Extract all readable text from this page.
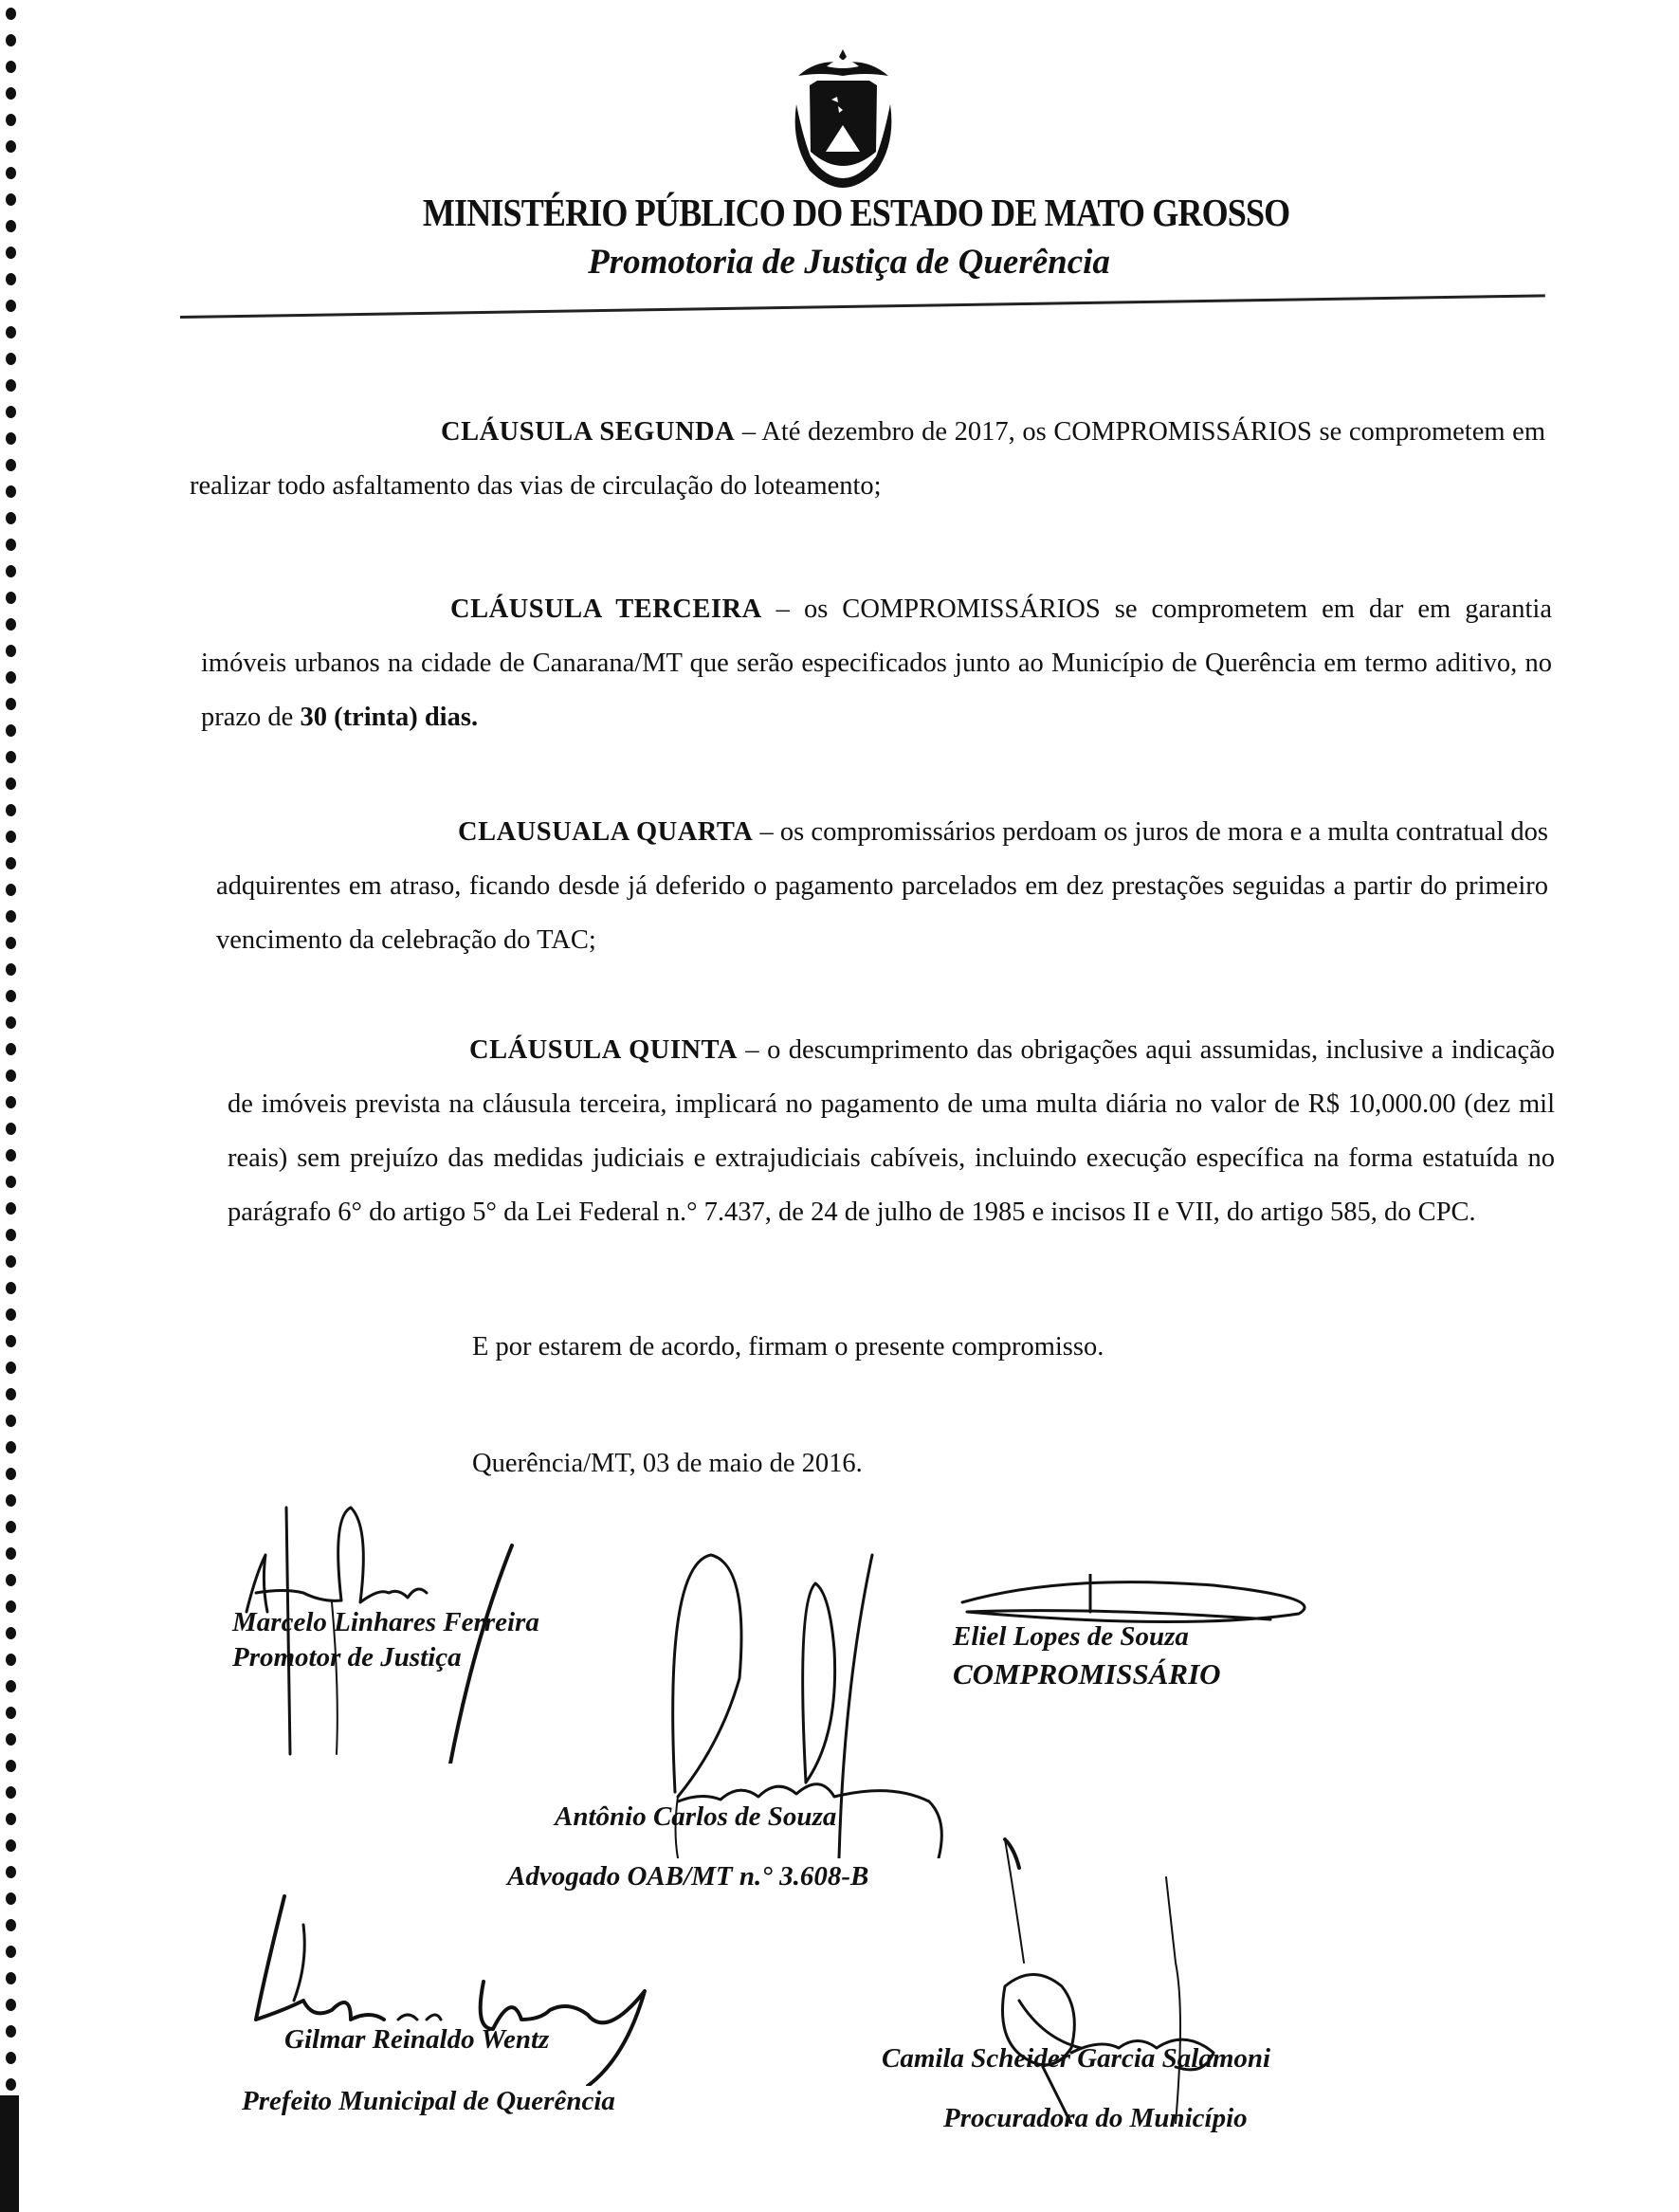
MINISTÉRIO PÚBLICO DO ESTADO DE MATO GROSSO
Promotoria de Justiça de Querência

CLÁUSULA SEGUNDA – Até dezembro de 2017, os COMPROMISSÁRIOS se comprometem em realizar todo asfaltamento das vias de circulação do loteamento;

CLÁUSULA TERCEIRA – os COMPROMISSÁRIOS se comprometem em dar em garantia imóveis urbanos na cidade de Canarana/MT que serão especificados junto ao Município de Querência em termo aditivo, no prazo de 30 (trinta) dias.

CLAUSUALA QUARTA – os compromissários perdoam os juros de mora e a multa contratual dos adquirentes em atraso, ficando desde já deferido o pagamento parcelados em dez prestações seguidas a partir do primeiro vencimento da celebração do TAC;

CLÁUSULA QUINTA – o descumprimento das obrigações aqui assumidas, inclusive a indicação de imóveis prevista na cláusula terceira, implicará no pagamento de uma multa diária no valor de R$ 10,000.00 (dez mil reais) sem prejuízo das medidas judiciais e extrajudiciais cabíveis, incluindo execução específica na forma estatuída no parágrafo 6° do artigo 5° da Lei Federal n.° 7.437, de 24 de julho de 1985 e incisos II e VII, do artigo 585, do CPC.

E por estarem de acordo, firmam o presente compromisso.
Querência/MT, 03 de maio de 2016.
Marcelo Linhares Ferreira
Promotor de Justiça
Eliel Lopes de Souza
COMPROMISSÁRIO
Antônio Carlos de Souza
Advogado OAB/MT n.° 3.608-B
Gilmar Reinaldo Wentz
Prefeito Municipal de Querência
Camila Scheider Garcia Salamoni
Procuradora do Município
